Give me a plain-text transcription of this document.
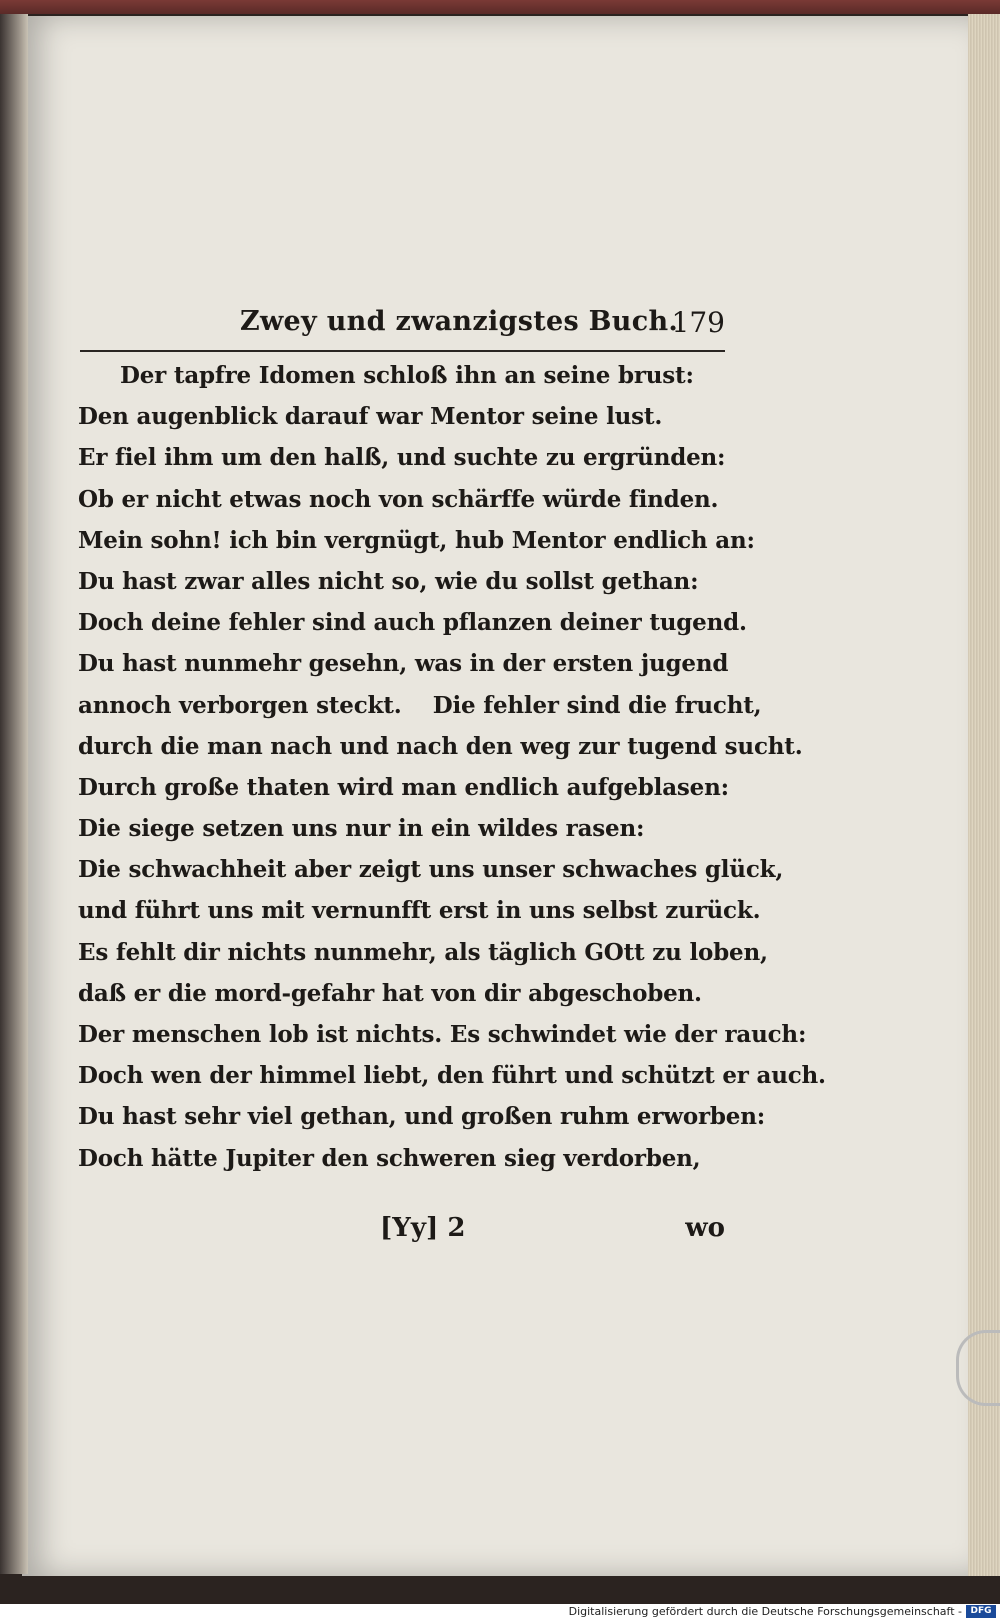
Zwey und zwanzigstes Buch.
179
Der tapfre Idomen schloß ihn an seine brust:
Den augenblick darauf war Mentor seine lust.
Er fiel ihm um den halß, und suchte zu ergründen:
Ob er nicht etwas noch von schärffe würde finden.
Mein sohn! ich bin vergnügt, hub Mentor endlich an:
Du hast zwar alles nicht so, wie du sollst gethan:
Doch deine fehler sind auch pflanzen deiner tugend.
Du hast nunmehr gesehn, was in der ersten jugend
annoch verborgen steckt.    Die fehler sind die frucht,
durch die man nach und nach den weg zur tugend sucht.
Durch große thaten wird man endlich aufgeblasen:
Die siege setzen uns nur in ein wildes rasen:
Die schwachheit aber zeigt uns unser schwaches glück,
und führt uns mit vernunfft erst in uns selbst zurück.
Es fehlt dir nichts nunmehr, als täglich GOtt zu loben,
daß er die mord-gefahr hat von dir abgeschoben.
Der menschen lob ist nichts. Es schwindet wie der rauch:
Doch wen der himmel liebt, den führt und schützt er auch.
Du hast sehr viel gethan, und großen ruhm erworben:
Doch hätte Jupiter den schweren sieg verdorben,
[Yy] 2	wo
Digitalisierung gefördert durch die Deutsche Forschungsgemeinschaft - DFG
